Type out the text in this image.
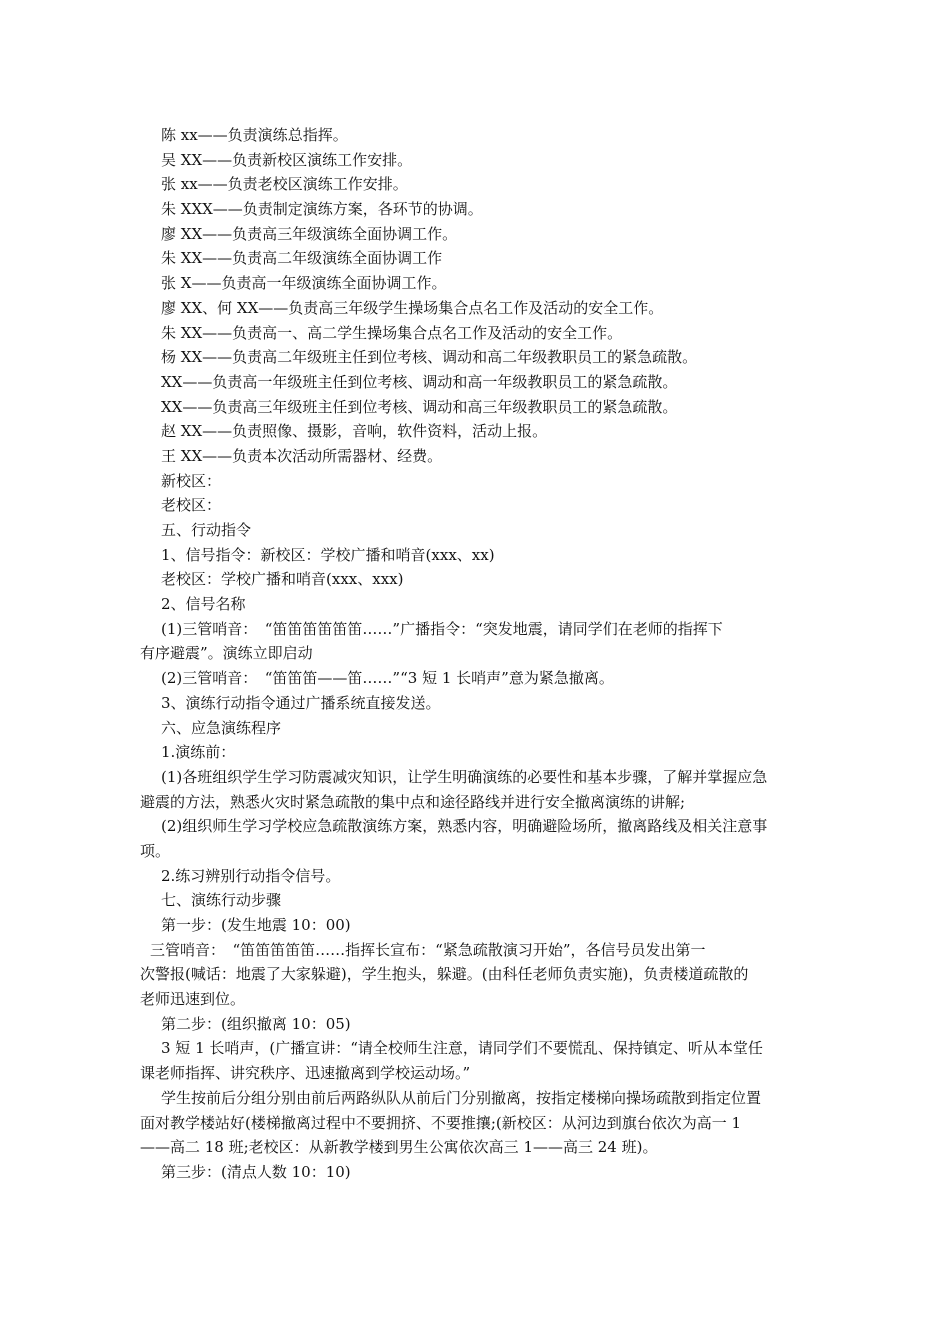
陈 xx——负责演练总指挥。
吴 XX——负责新校区演练工作安排。
张 xx——负责老校区演练工作安排。
朱 XXX——负责制定演练方案，各环节的协调。
廖 XX——负责高三年级演练全面协调工作。
朱 XX——负责高二年级演练全面协调工作
张 X——负责高一年级演练全面协调工作。
廖 XX、何 XX——负责高三年级学生操场集合点名工作及活动的安全工作。
朱 XX——负责高一、高二学生操场集合点名工作及活动的安全工作。
杨 XX——负责高二年级班主任到位考核、调动和高二年级教职员工的紧急疏散。
XX——负责高一年级班主任到位考核、调动和高一年级教职员工的紧急疏散。
XX——负责高三年级班主任到位考核、调动和高三年级教职员工的紧急疏散。
赵 XX——负责照像、摄影，音响，软件资料，活动上报。
王 XX——负责本次活动所需器材、经费。
新校区：
老校区：
五、行动指令
1、信号指令：新校区：学校广播和哨音(xxx、xx)
老校区：学校广播和哨音(xxx、xxx)
2、信号名称
(1)三管哨音：　“笛笛笛笛笛笛……”广播指令：“突发地震，请同学们在老师的指挥下
有序避震”。演练立即启动
(2)三管哨音：　“笛笛笛——笛……”“3 短 1 长哨声”意为紧急撤离。
3、演练行动指令通过广播系统直接发送。
六、应急演练程序
1.演练前：
(1)各班组织学生学习防震减灾知识，让学生明确演练的必要性和基本步骤，了解并掌握应急
避震的方法，熟悉火灾时紧急疏散的集中点和途径路线并进行安全撤离演练的讲解;
(2)组织师生学习学校应急疏散演练方案，熟悉内容，明确避险场所，撤离路线及相关注意事
项。
2.练习辨别行动指令信号。
七、演练行动步骤
第一步：(发生地震 10：00)
三管哨音：　“笛笛笛笛笛……指挥长宣布：“紧急疏散演习开始”，各信号员发出第一
次警报(喊话：地震了大家躲避)，学生抱头，躲避。(由科任老师负责实施)，负责楼道疏散的
老师迅速到位。
第二步：(组织撤离 10：05)
3 短 1 长哨声，(广播宣讲：“请全校师生注意，请同学们不要慌乱、保持镇定、听从本堂任
课老师指挥、讲究秩序、迅速撤离到学校运动场。”
学生按前后分组分别由前后两路纵队从前后门分别撤离，按指定楼梯向操场疏散到指定位置
面对教学楼站好(楼梯撤离过程中不要拥挤、不要推攘;(新校区：从河边到旗台依次为高一 1
——高二 18 班;老校区：从新教学楼到男生公寓依次高三 1——高三 24 班)。
第三步：(清点人数 10：10)
